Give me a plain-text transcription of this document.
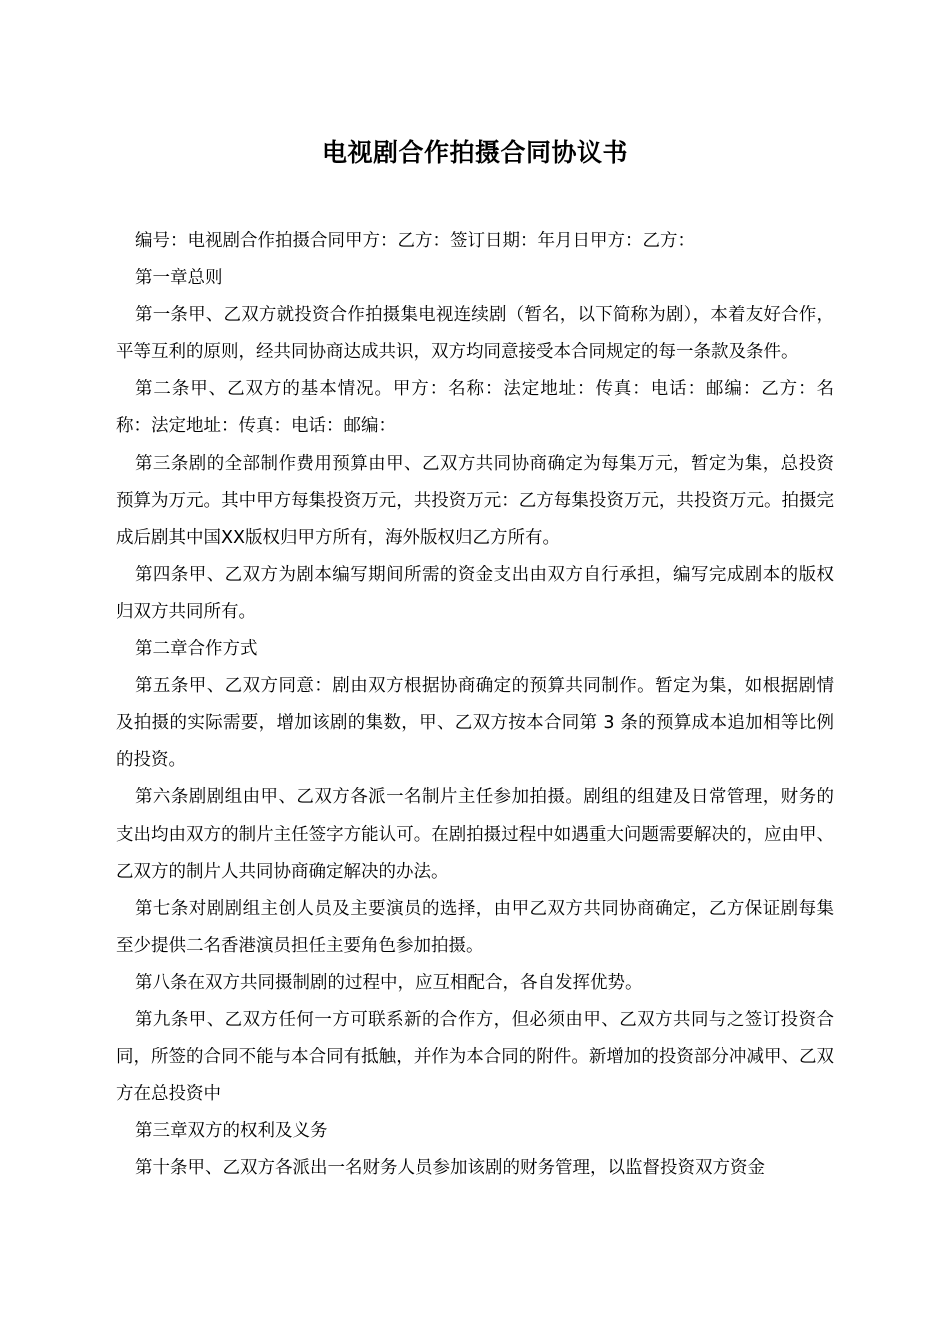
电视剧合作拍摄合同协议书

编号：电视剧合作拍摄合同甲方：乙方：签订日期：年月日甲方：乙方：

第一章总则

第一条甲、乙双方就投资合作拍摄集电视连续剧（暂名，以下简称为剧），本着友好合作，平等互利的原则，经共同协商达成共识，双方均同意接受本合同规定的每一条款及条件。

第二条甲、乙双方的基本情况。甲方：名称：法定地址：传真：电话：邮编：乙方：名称：法定地址：传真：电话：邮编：

第三条剧的全部制作费用预算由甲、乙双方共同协商确定为每集万元，暂定为集，总投资预算为万元。其中甲方每集投资万元，共投资万元：乙方每集投资万元，共投资万元。拍摄完成后剧其中国XX版权归甲方所有，海外版权归乙方所有。

第四条甲、乙双方为剧本编写期间所需的资金支出由双方自行承担，编写完成剧本的版权归双方共同所有。

第二章合作方式

第五条甲、乙双方同意：剧由双方根据协商确定的预算共同制作。暂定为集，如根据剧情及拍摄的实际需要，增加该剧的集数，甲、乙双方按本合同第 3 条的预算成本追加相等比例的投资。

第六条剧剧组由甲、乙双方各派一名制片主任参加拍摄。剧组的组建及日常管理，财务的支出均由双方的制片主任签字方能认可。在剧拍摄过程中如遇重大问题需要解决的，应由甲、乙双方的制片人共同协商确定解决的办法。

第七条对剧剧组主创人员及主要演员的选择，由甲乙双方共同协商确定，乙方保证剧每集至少提供二名香港演员担任主要角色参加拍摄。

第八条在双方共同摄制剧的过程中，应互相配合，各自发挥优势。

第九条甲、乙双方任何一方可联系新的合作方，但必须由甲、乙双方共同与之签订投资合同，所签的合同不能与本合同有抵触，并作为本合同的附件。新增加的投资部分冲减甲、乙双方在总投资中

第三章双方的权利及义务

第十条甲、乙双方各派出一名财务人员参加该剧的财务管理，以监督投资双方资金
